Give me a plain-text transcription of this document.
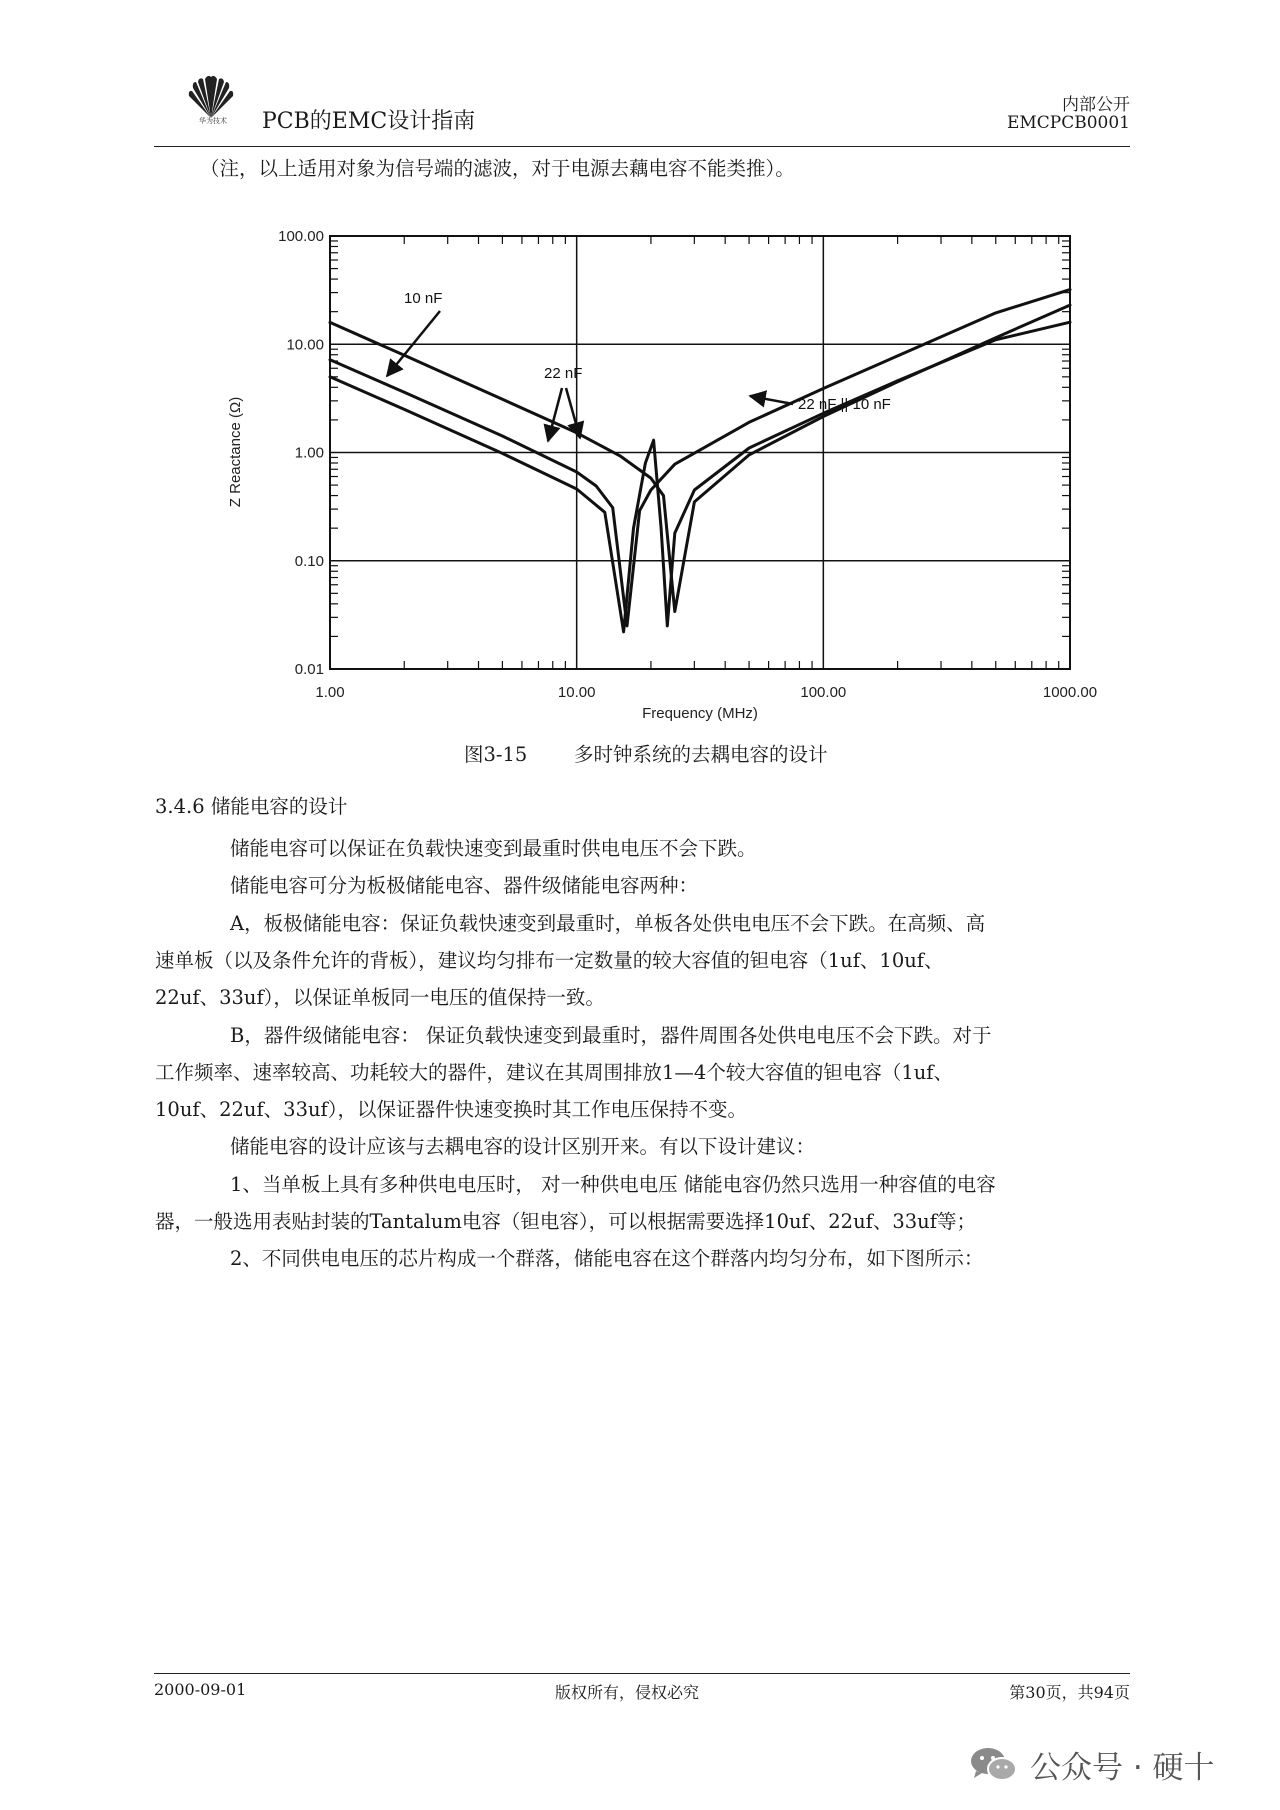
华为技术	PCB的EMC设计指南
内部公开
EMCPCB0001
（注，以上适用对象为信号端的滤波，对于电源去藕电容不能类推）。
1.00	10.00	100.00	1000.00
0.01
0.10
1.00
10.00
100.00
Frequency (MHz)
Z Reactance (Ω)
10 nF
22 nF
22 nF || 10 nF
图3-15 多时钟系统的去耦电容的设计
3.4.6 储能电容的设计
储能电容可以保证在负载快速变到最重时供电电压不会下跌。
储能电容可分为板极储能电容、器件级储能电容两种：
A，板极储能电容：保证负载快速变到最重时，单板各处供电电压不会下跌。在高频、高
速单板（以及条件允许的背板），建议均匀排布一定数量的较大容值的钽电容（1uf、10uf、
22uf、33uf），以保证单板同一电压的值保持一致。
B，器件级储能电容： 保证负载快速变到最重时，器件周围各处供电电压不会下跌。对于
工作频率、速率较高、功耗较大的器件，建议在其周围排放1—4个较大容值的钽电容（1uf、
10uf、22uf、33uf），以保证器件快速变换时其工作电压保持不变。
储能电容的设计应该与去耦电容的设计区别开来。有以下设计建议：
1、当单板上具有多种供电电压时， 对一种供电电压 储能电容仍然只选用一种容值的电容
器，一般选用表贴封装的Tantalum电容（钽电容），可以根据需要选择10uf、22uf、33uf等；
2、不同供电电压的芯片构成一个群落，储能电容在这个群落内均匀分布，如下图所示：
2000-09-01	版权所有，侵权必究	第30页，共94页
公众号 · 硬十
